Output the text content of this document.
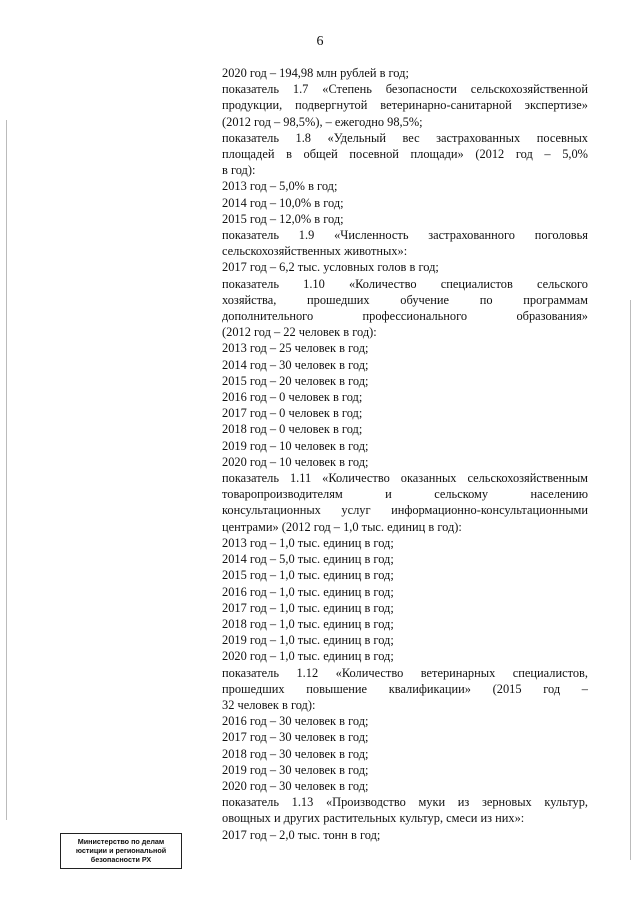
6
2020 год – 194,98 млн рублей в год;
показатель 1.7 «Степень безопасности сельскохозяйственной
продукции, подвергнутой ветеринарно-санитарной экспертизе»
(2012 год – 98,5%), – ежегодно 98,5%;
показатель 1.8 «Удельный вес застрахованных посевных
площадей в общей посевной площади» (2012 год – 5,0%
в год):
2013 год – 5,0% в год;
2014 год – 10,0% в год;
2015 год – 12,0% в год;
показатель 1.9 «Численность застрахованного поголовья
сельскохозяйственных животных»:
2017 год – 6,2 тыс. условных голов в год;
показатель 1.10 «Количество специалистов сельского
хозяйства, прошедших обучение по программам
дополнительного профессионального образования»
(2012 год – 22 человек в год):
2013 год – 25 человек в год;
2014 год – 30 человек в год;
2015 год – 20 человек в год;
2016 год – 0 человек в год;
2017 год – 0 человек в год;
2018 год – 0 человек в год;
2019 год – 10 человек в год;
2020 год – 10 человек в год;
показатель 1.11 «Количество оказанных сельскохозяйственным
товаропроизводителям и сельскому населению
консультационных услуг информационно-консультационными
центрами» (2012 год – 1,0 тыс. единиц в год):
2013 год – 1,0 тыс. единиц в год;
2014 год – 5,0 тыс. единиц в год;
2015 год – 1,0 тыс. единиц в год;
2016 год – 1,0 тыс. единиц в год;
2017 год – 1,0 тыс. единиц в год;
2018 год – 1,0 тыс. единиц в год;
2019 год – 1,0 тыс. единиц в год;
2020 год – 1,0 тыс. единиц в год;
показатель 1.12 «Количество ветеринарных специалистов,
прошедших повышение квалификации» (2015 год –
32 человек в год):
2016 год – 30 человек в год;
2017 год – 30 человек в год;
2018 год – 30 человек в год;
2019 год – 30 человек в год;
2020 год – 30 человек в год;
показатель 1.13 «Производство муки из зерновых культур,
овощных и других растительных культур, смеси из них»:
2017 год – 2,0 тыс. тонн в год;
Министерство по делам
юстиции и региональной
безопасности РХ
